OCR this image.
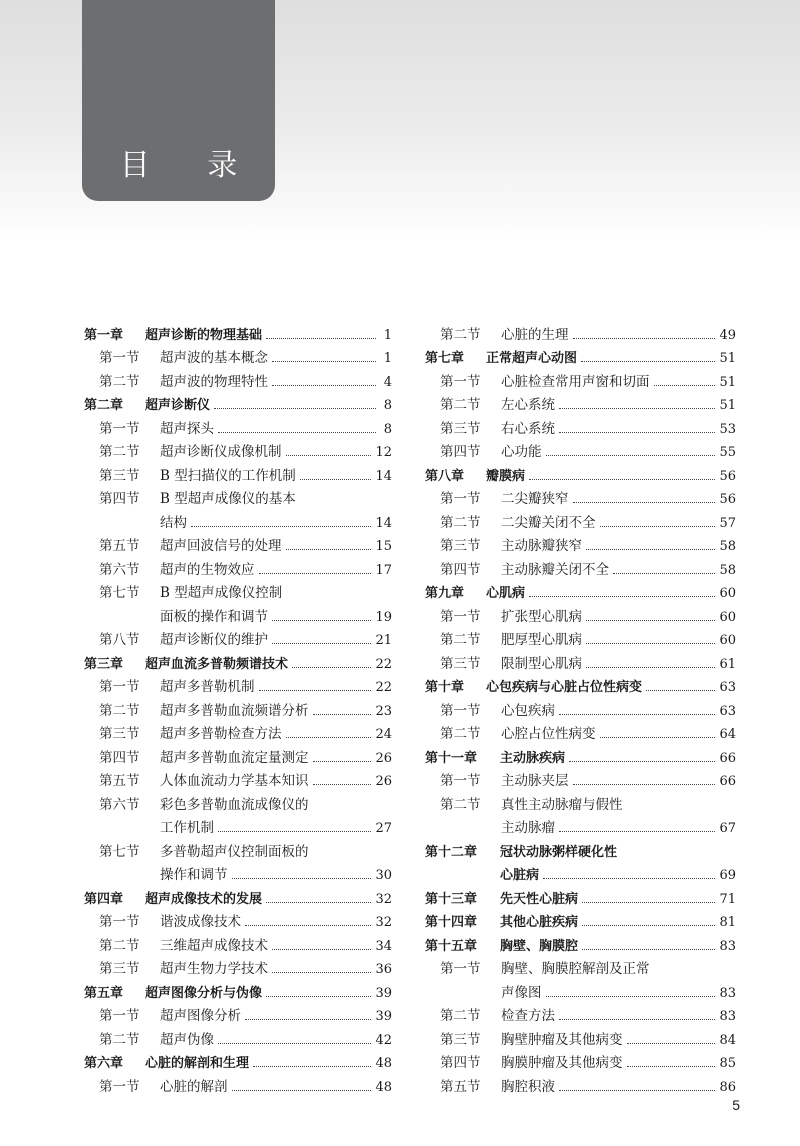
目 录
第一章	超声诊断的物理基础	1
第一节	超声波的基本概念	1
第二节	超声波的物理特性	4
第二章	超声诊断仪	8
第一节	超声探头	8
第二节	超声诊断仪成像机制	12
第三节	B 型扫描仪的工作机制	14
第四节	B 型超声成像仪的基本
结构	14
第五节	超声回波信号的处理	15
第六节	超声的生物效应	17
第七节	B 型超声成像仪控制
面板的操作和调节	19
第八节	超声诊断仪的维护	21
第三章	超声血流多普勒频谱技术	22
第一节	超声多普勒机制	22
第二节	超声多普勒血流频谱分析	23
第三节	超声多普勒检查方法	24
第四节	超声多普勒血流定量测定	26
第五节	人体血流动力学基本知识	26
第六节	彩色多普勒血流成像仪的
工作机制	27
第七节	多普勒超声仪控制面板的
操作和调节	30
第四章	超声成像技术的发展	32
第一节	谐波成像技术	32
第二节	三维超声成像技术	34
第三节	超声生物力学技术	36
第五章	超声图像分析与伪像	39
第一节	超声图像分析	39
第二节	超声伪像	42
第六章	心脏的解剖和生理	48
第一节	心脏的解剖	48
第二节	心脏的生理	49
第七章	正常超声心动图	51
第一节	心脏检查常用声窗和切面	51
第二节	左心系统	51
第三节	右心系统	53
第四节	心功能	55
第八章	瓣膜病	56
第一节	二尖瓣狭窄	56
第二节	二尖瓣关闭不全	57
第三节	主动脉瓣狭窄	58
第四节	主动脉瓣关闭不全	58
第九章	心肌病	60
第一节	扩张型心肌病	60
第二节	肥厚型心肌病	60
第三节	限制型心肌病	61
第十章	心包疾病与心脏占位性病变	63
第一节	心包疾病	63
第二节	心腔占位性病变	64
第十一章	主动脉疾病	66
第一节	主动脉夹层	66
第二节	真性主动脉瘤与假性
主动脉瘤	67
第十二章	冠状动脉粥样硬化性
心脏病	69
第十三章	先天性心脏病	71
第十四章	其他心脏疾病	81
第十五章	胸壁、胸膜腔	83
第一节	胸壁、胸膜腔解剖及正常
声像图	83
第二节	检查方法	83
第三节	胸壁肿瘤及其他病变	84
第四节	胸膜肿瘤及其他病变	85
第五节	胸腔积液	86
5
